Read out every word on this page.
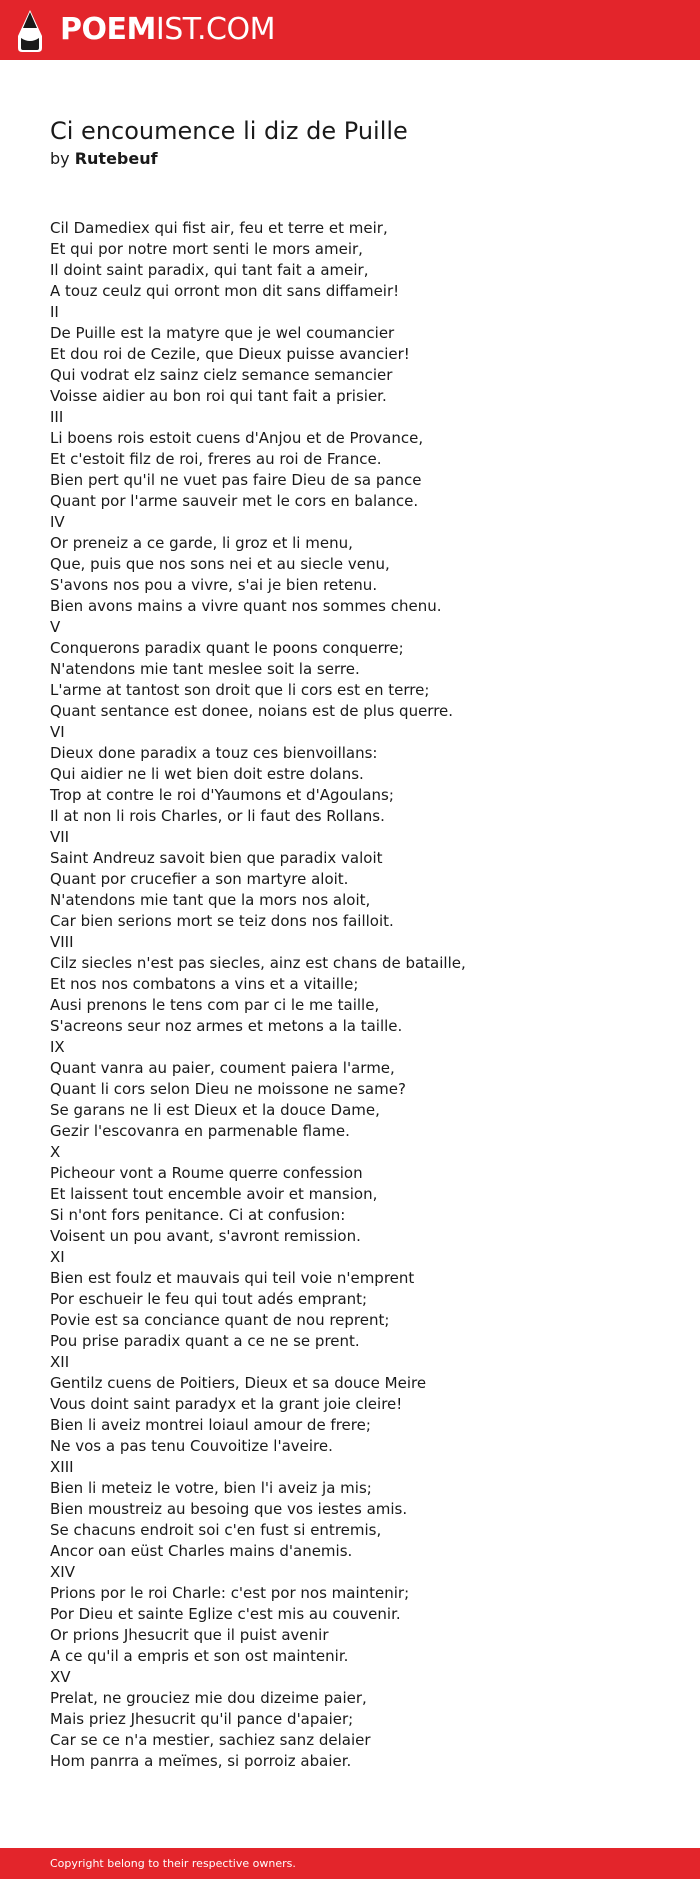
POEMIST.COM
Ci encoumence li diz de Puille
by Rutebeuf
Cil Damediex qui fist air, feu et terre et meir,
Et qui por notre mort senti le mors ameir,
Il doint saint paradix, qui tant fait a ameir,
A touz ceulz qui orront mon dit sans diffameir!
II
De Puille est la matyre que je wel coumancier
Et dou roi de Cezile, que Dieux puisse avancier!
Qui vodrat elz sainz cielz semance semancier
Voisse aidier au bon roi qui tant fait a prisier.
III
Li boens rois estoit cuens d'Anjou et de Provance,
Et c'estoit filz de roi, freres au roi de France.
Bien pert qu'il ne vuet pas faire Dieu de sa pance
Quant por l'arme sauveir met le cors en balance.
IV
Or preneiz a ce garde, li groz et li menu,
Que, puis que nos sons nei et au siecle venu,
S'avons nos pou a vivre, s'ai je bien retenu.
Bien avons mains a vivre quant nos sommes chenu.
V
Conquerons paradix quant le poons conquerre;
N'atendons mie tant meslee soit la serre.
L'arme at tantost son droit que li cors est en terre;
Quant sentance est donee, noians est de plus querre.
VI
Dieux done paradix a touz ces bienvoillans:
Qui aidier ne li wet bien doit estre dolans.
Trop at contre le roi d'Yaumons et d'Agoulans;
Il at non li rois Charles, or li faut des Rollans.
VII
Saint Andreuz savoit bien que paradix valoit
Quant por crucefier a son martyre aloit.
N'atendons mie tant que la mors nos aloit,
Car bien serions mort se teiz dons nos failloit.
VIII
Cilz siecles n'est pas siecles, ainz est chans de bataille,
Et nos nos combatons a vins et a vitaille;
Ausi prenons le tens com par ci le me taille,
S'acreons seur noz armes et metons a la taille.
IX
Quant vanra au paier, coument paiera l'arme,
Quant li cors selon Dieu ne moissone ne same?
Se garans ne li est Dieux et la douce Dame,
Gezir l'escovanra en parmenable flame.
X
Picheour vont a Roume querre confession
Et laissent tout encemble avoir et mansion,
Si n'ont fors penitance. Ci at confusion:
Voisent un pou avant, s'avront remission.
XI
Bien est foulz et mauvais qui teil voie n'emprent
Por eschueir le feu qui tout adés emprant;
Povie est sa conciance quant de nou reprent;
Pou prise paradix quant a ce ne se prent.
XII
Gentilz cuens de Poitiers, Dieux et sa douce Meire
Vous doint saint paradyx et la grant joie cleire!
Bien li aveiz montrei loiaul amour de frere;
Ne vos a pas tenu Couvoitize l'aveire.
XIII
Bien li meteiz le votre, bien l'i aveiz ja mis;
Bien moustreiz au besoing que vos iestes amis.
Se chacuns endroit soi c'en fust si entremis,
Ancor oan eüst Charles mains d'anemis.
XIV
Prions por le roi Charle: c'est por nos maintenir;
Por Dieu et sainte Eglize c'est mis au couvenir.
Or prions Jhesucrit que il puist avenir
A ce qu'il a empris et son ost maintenir.
XV
Prelat, ne grouciez mie dou dizeime paier,
Mais priez Jhesucrit qu'il pance d'apaier;
Car se ce n'a mestier, sachiez sanz delaier
Hom panrra a meïmes, si porroiz abaier.
Copyright belong to their respective owners.
